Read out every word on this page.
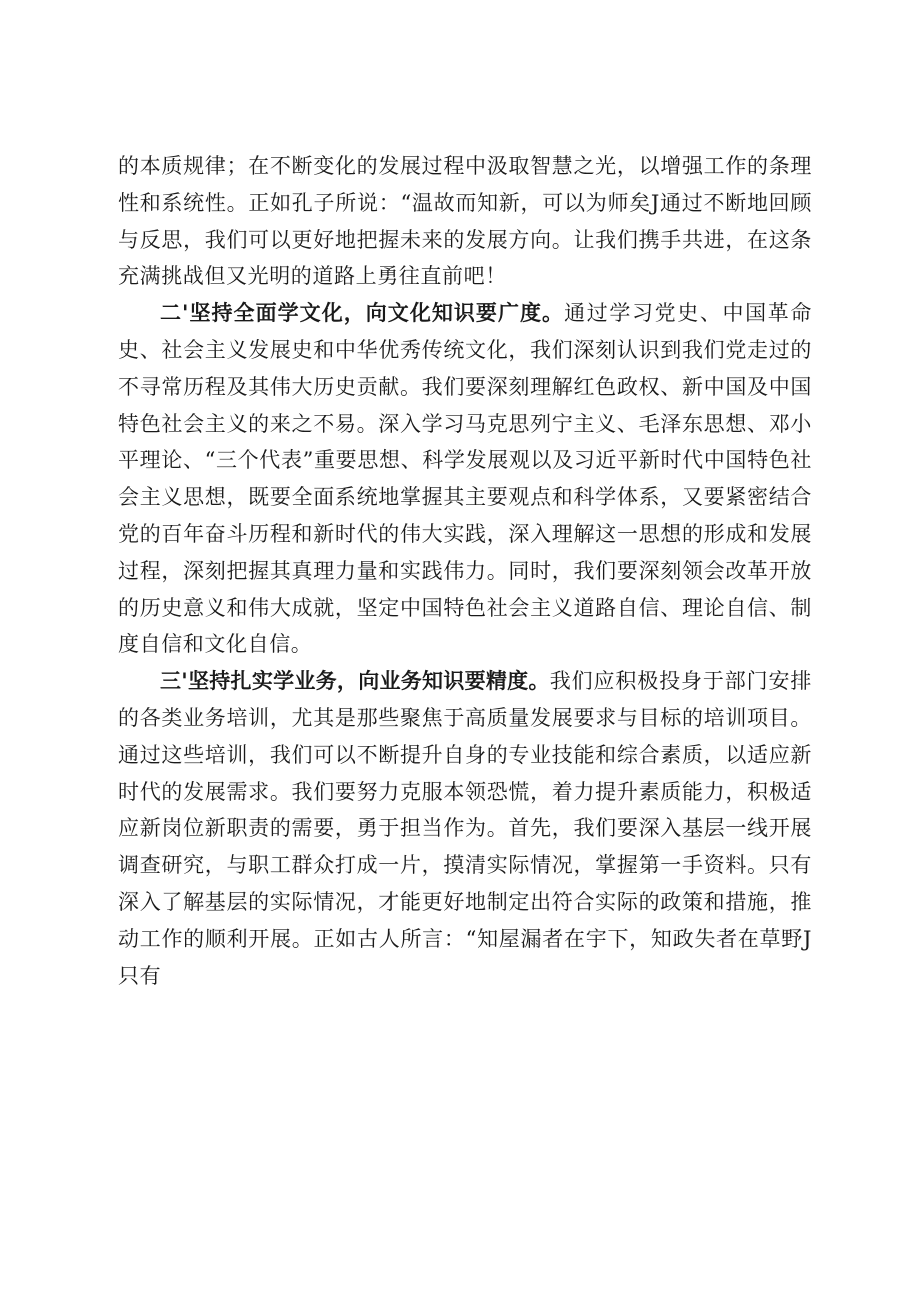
的本质规律；在不断变化的发展过程中汲取智慧之光，以增强工作的条理性和系统性。正如孔子所说：“温故而知新，可以为师矣J通过不断地回顾与反思，我们可以更好地把握未来的发展方向。让我们携手共进，在这条充满挑战但又光明的道路上勇往直前吧！

二'坚持全面学文化，向文化知识要广度。通过学习党史、中国革命史、社会主义发展史和中华优秀传统文化，我们深刻认识到我们党走过的不寻常历程及其伟大历史贡献。我们要深刻理解红色政权、新中国及中国特色社会主义的来之不易。深入学习马克思列宁主义、毛泽东思想、邓小平理论、“三个代表”重要思想、科学发展观以及习近平新时代中国特色社会主义思想，既要全面系统地掌握其主要观点和科学体系，又要紧密结合党的百年奋斗历程和新时代的伟大实践，深入理解这一思想的形成和发展过程，深刻把握其真理力量和实践伟力。同时，我们要深刻领会改革开放的历史意义和伟大成就，坚定中国特色社会主义道路自信、理论自信、制度自信和文化自信。

三'坚持扎实学业务，向业务知识要精度。我们应积极投身于部门安排的各类业务培训，尤其是那些聚焦于高质量发展要求与目标的培训项目。通过这些培训，我们可以不断提升自身的专业技能和综合素质，以适应新时代的发展需求。我们要努力克服本领恐慌，着力提升素质能力，积极适应新岗位新职责的需要，勇于担当作为。首先，我们要深入基层一线开展调查研究，与职工群众打成一片，摸清实际情况，掌握第一手资料。只有深入了解基层的实际情况，才能更好地制定出符合实际的政策和措施，推动工作的顺利开展。正如古人所言：“知屋漏者在宇下，知政失者在草野J只有
